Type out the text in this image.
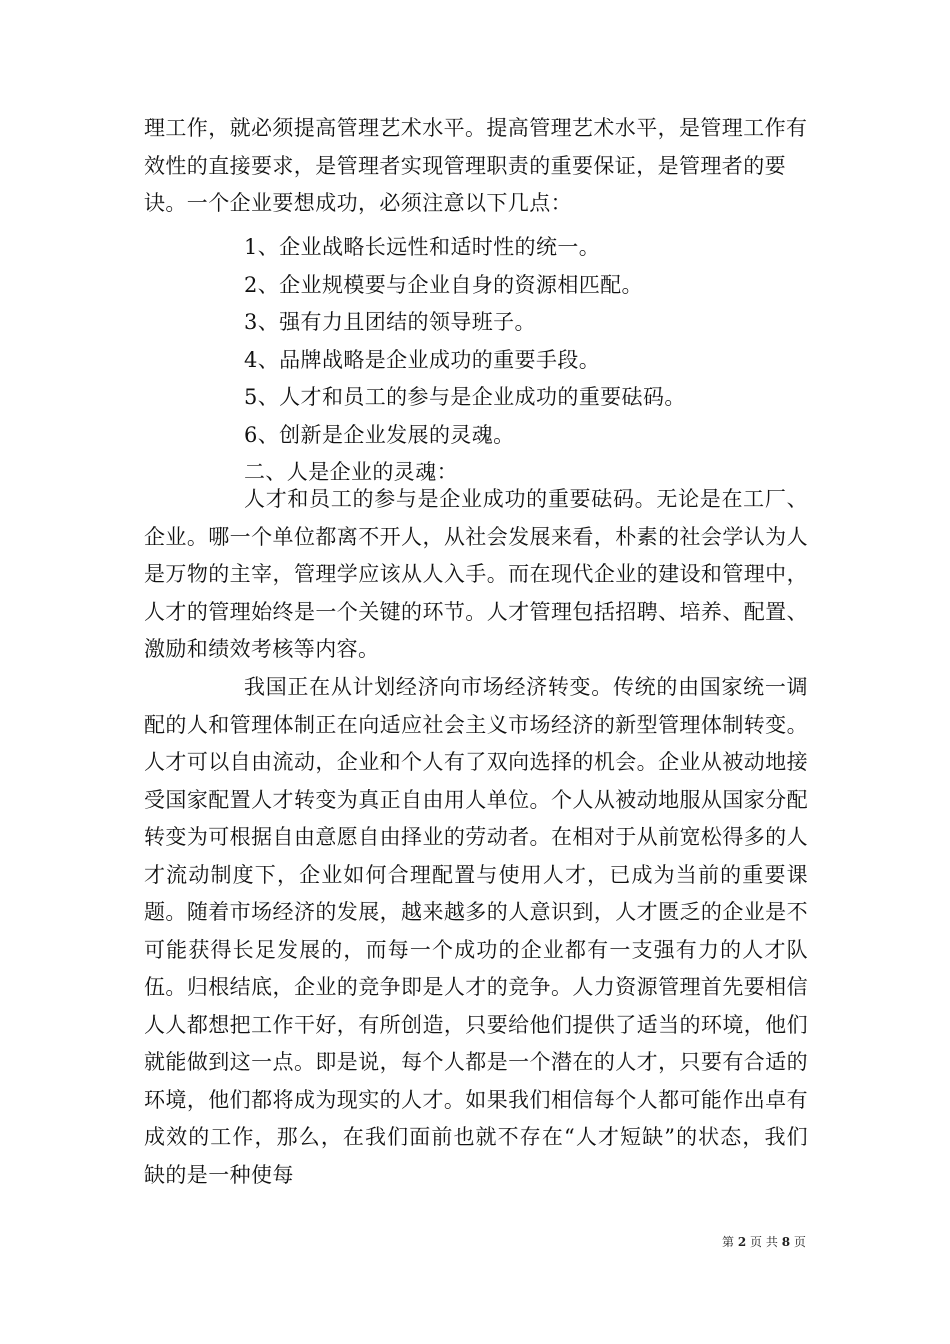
理工作，就必须提高管理艺术水平。提高管理艺术水平，是管理工作有效性的直接要求，是管理者实现管理职责的重要保证，是管理者的要诀。一个企业要想成功，必须注意以下几点：
1、企业战略长远性和适时性的统一。
2、企业规模要与企业自身的资源相匹配。
3、强有力且团结的领导班子。
4、品牌战略是企业成功的重要手段。
5、人才和员工的参与是企业成功的重要砝码。
6、创新是企业发展的灵魂。
二、人是企业的灵魂：
人才和员工的参与是企业成功的重要砝码。无论是在工厂、企业。哪一个单位都离不开人，从社会发展来看，朴素的社会学认为人是万物的主宰，管理学应该从人入手。而在现代企业的建设和管理中，人才的管理始终是一个关键的环节。人才管理包括招聘、培养、配置、激励和绩效考核等内容。
我国正在从计划经济向市场经济转变。传统的由国家统一调配的人和管理体制正在向适应社会主义市场经济的新型管理体制转变。人才可以自由流动，企业和个人有了双向选择的机会。企业从被动地接受国家配置人才转变为真正自由用人单位。个人从被动地服从国家分配转变为可根据自由意愿自由择业的劳动者。在相对于从前宽松得多的人才流动制度下，企业如何合理配置与使用人才，已成为当前的重要课题。随着市场经济的发展，越来越多的人意识到，人才匮乏的企业是不可能获得长足发展的，而每一个成功的企业都有一支强有力的人才队伍。归根结底，企业的竞争即是人才的竞争。人力资源管理首先要相信人人都想把工作干好，有所创造，只要给他们提供了适当的环境，他们就能做到这一点。即是说，每个人都是一个潜在的人才，只要有合适的环境，他们都将成为现实的人才。如果我们相信每个人都可能作出卓有成效的工作，那么，在我们面前也就不存在“人才短缺”的状态，我们缺的是一种使每
第 2 页 共 8 页
